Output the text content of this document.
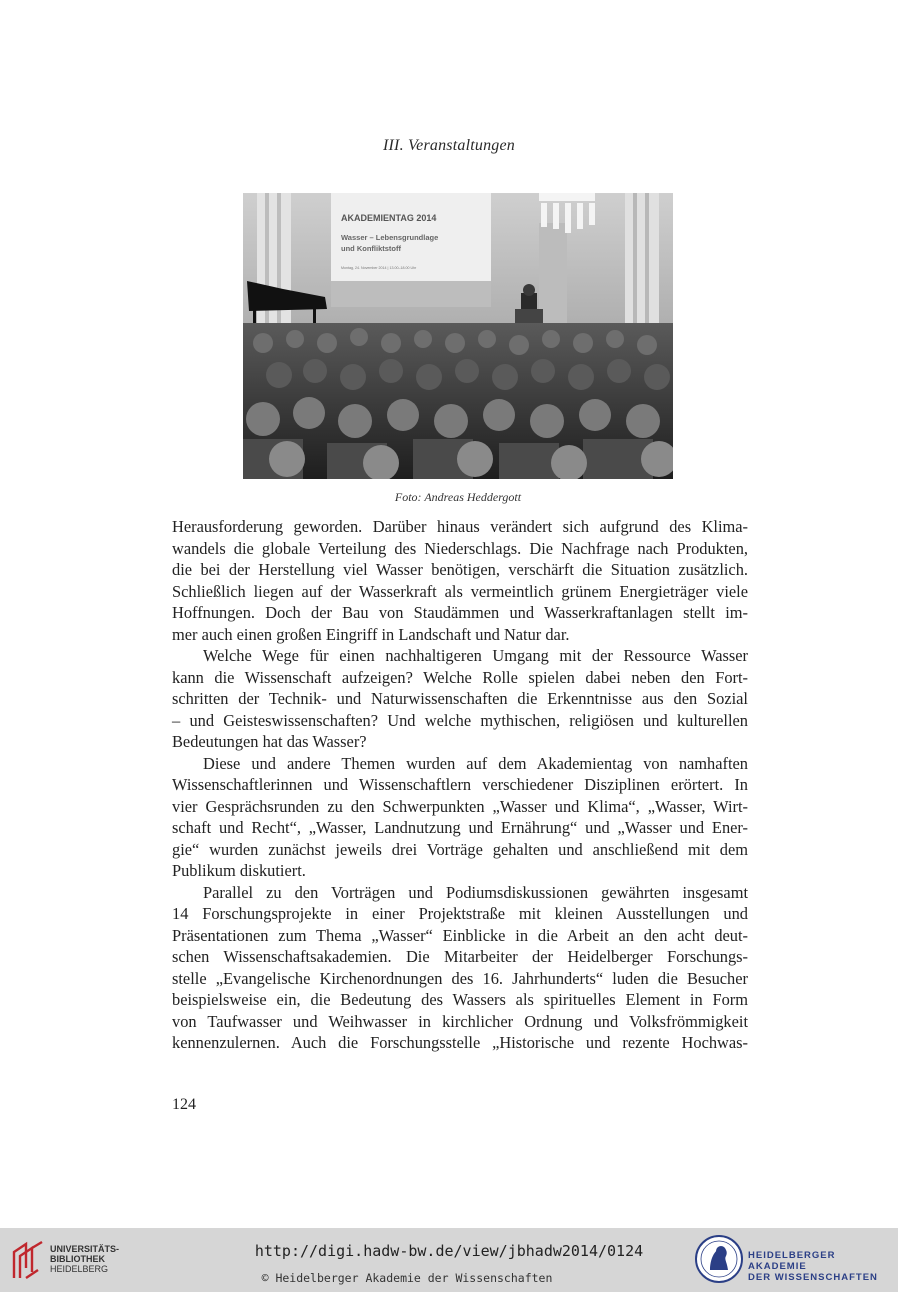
III. Veranstaltungen
AKADEMIENTAG 2014
Wasser – Lebensgrundlage
und Konfliktstoff
Montag, 24. November 2014 | 13.00–18.00 Uhr
Foto: Andreas Heddergott

Herausforderung geworden. Darüber hinaus verändert sich aufgrund des Klima-
wandels die globale Verteilung des Niederschlags. Die Nachfrage nach Produkten,
die bei der Herstellung viel Wasser benötigen, verschärft die Situation zusätzlich.
Schließlich liegen auf der Wasserkraft als vermeintlich grünem Energieträger viele
Hoffnungen. Doch der Bau von Staudämmen und Wasserkraftanlagen stellt im-
mer auch einen großen Eingriff in Landschaft und Natur dar.

Welche Wege für einen nachhaltigeren Umgang mit der Ressource Wasser
kann die Wissenschaft aufzeigen? Welche Rolle spielen dabei neben den Fort-
schritten der Technik- und Naturwissenschaften die Erkenntnisse aus den Sozial
– und Geisteswissenschaften? Und welche mythischen, religiösen und kulturellen
Bedeutungen hat das Wasser?

Diese und andere Themen wurden auf dem Akademientag von namhaften
Wissenschaftlerinnen und Wissenschaftlern verschiedener Disziplinen erörtert. In
vier Gesprächsrunden zu den Schwerpunkten „Wasser und Klima“, „Wasser, Wirt-
schaft und Recht“, „Wasser, Landnutzung und Ernährung“ und „Wasser und Ener-
gie“ wurden zunächst jeweils drei Vorträge gehalten und anschließend mit dem
Publikum diskutiert.

Parallel zu den Vorträgen und Podiumsdiskussionen gewährten insgesamt
14 Forschungsprojekte in einer Projektstraße mit kleinen Ausstellungen und
Präsentationen zum Thema „Wasser“ Einblicke in die Arbeit an den acht deut-
schen Wissenschaftsakademien. Die Mitarbeiter der Heidelberger Forschungs-
stelle „Evangelische Kirchenordnungen des 16. Jahrhunderts“ luden die Besucher
beispielsweise ein, die Bedeutung des Wassers als spirituelles Element in Form
von Taufwasser und Weihwasser in kirchlicher Ordnung und Volksfrömmigkeit
kennenzulernen. Auch die Forschungsstelle „Historische und rezente Hochwas-

124
UNIVERSITÄTS-
BIBLIOTHEK
HEIDELBERG
http://digi.hadw-bw.de/view/jbhadw2014/0124
© Heidelberger Akademie der Wissenschaften
HEIDELBERGER AKADEMIE
DER WISSENSCHAFTEN
